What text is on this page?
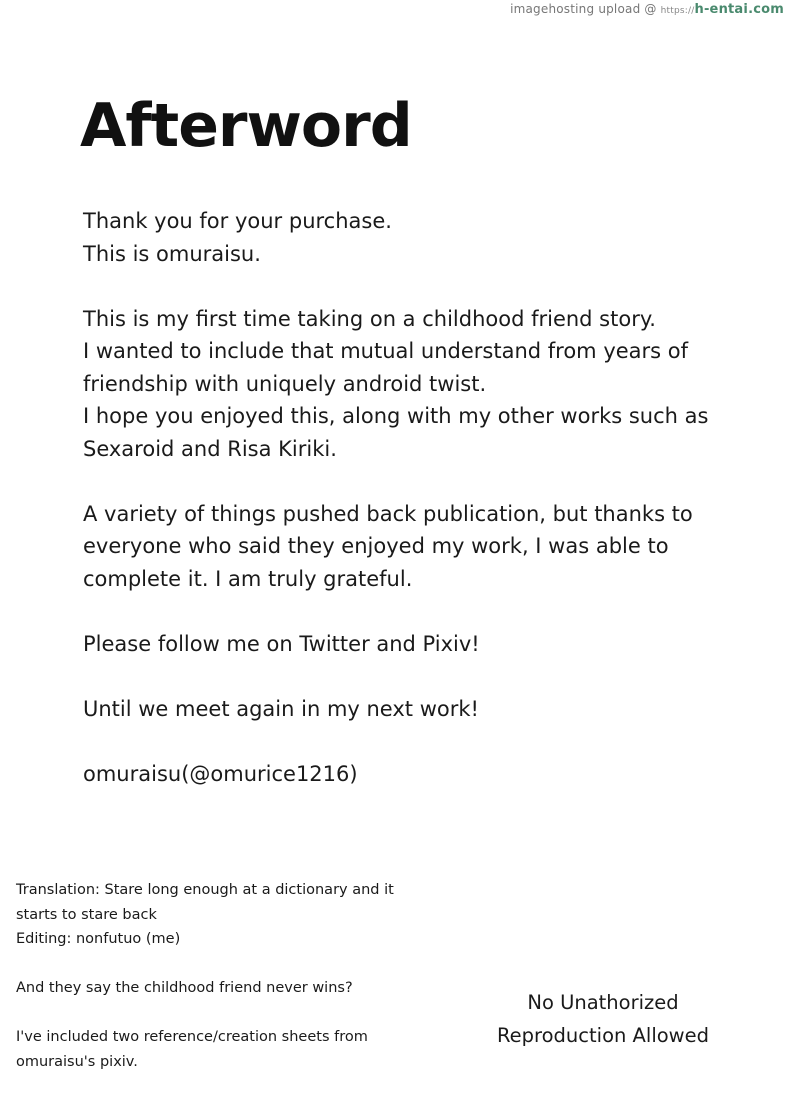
imagehosting upload @ https://h-entai.com
Afterword

Thank you for your purchase.
This is omuraisu.

This is my first time taking on a childhood friend story.
I wanted to include that mutual understand from years of
friendship with uniquely android twist.
I hope you enjoyed this, along with my other works such as
Sexaroid and Risa Kiriki.

A variety of things pushed back publication, but thanks to
everyone who said they enjoyed my work, I was able to
complete it. I am truly grateful.

Please follow me on Twitter and Pixiv!

Until we meet again in my next work!

omuraisu(@omurice1216)

Translation: Stare long enough at a dictionary and it
starts to stare back
Editing: nonfutuo (me)

And they say the childhood friend never wins?

I've included two reference/creation sheets from
omuraisu's pixiv.

No Unathorized
Reproduction Allowed
